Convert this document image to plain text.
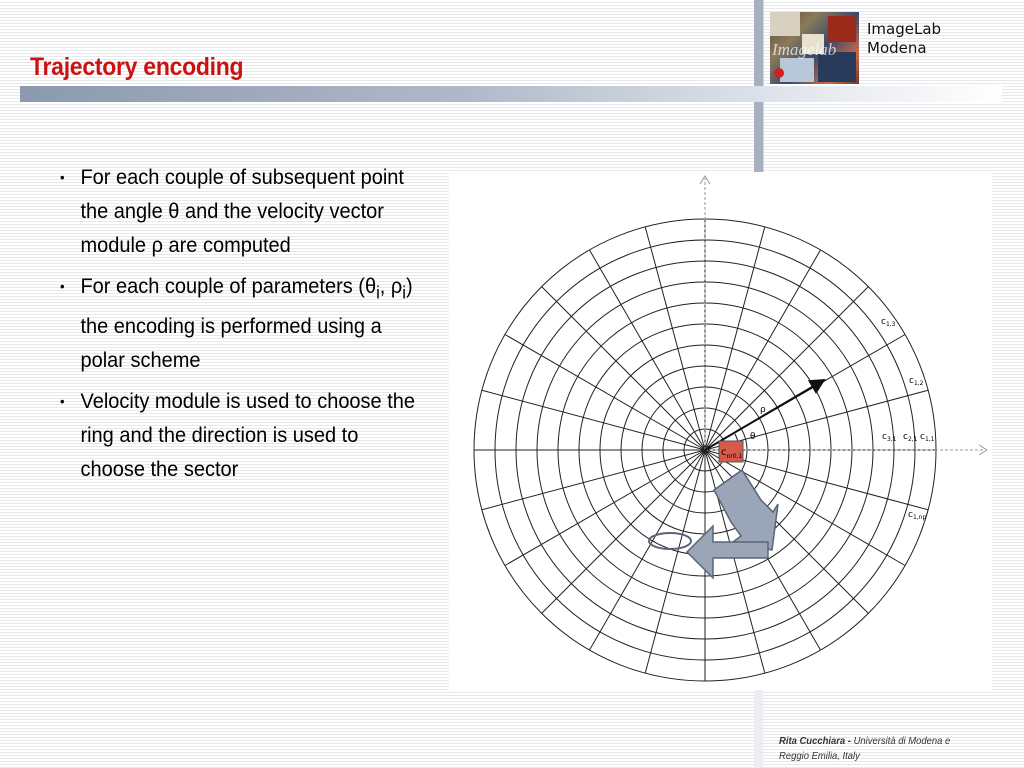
Trajectory encoding
Imagelab
ImageLab
Modena
• For each couple of subsequent point the angle θ and the velocity vector module ρ are computed
• For each couple of parameters ($\theta_i$, $\rho_i$) the encoding is performed using a polar scheme
• Velocity module is used to choose the ring and the direction is used to choose the sector
ρ
θ
$c_{nr0,1}$
$c_{1,3}$
$c_{1,2}$
$c_{3,1}$ $c_{2,1}$ $c_{1,1}$
$c_{1,np}$
Rita Cucchiara - Università di Modena e Reggio Emilia, Italy
